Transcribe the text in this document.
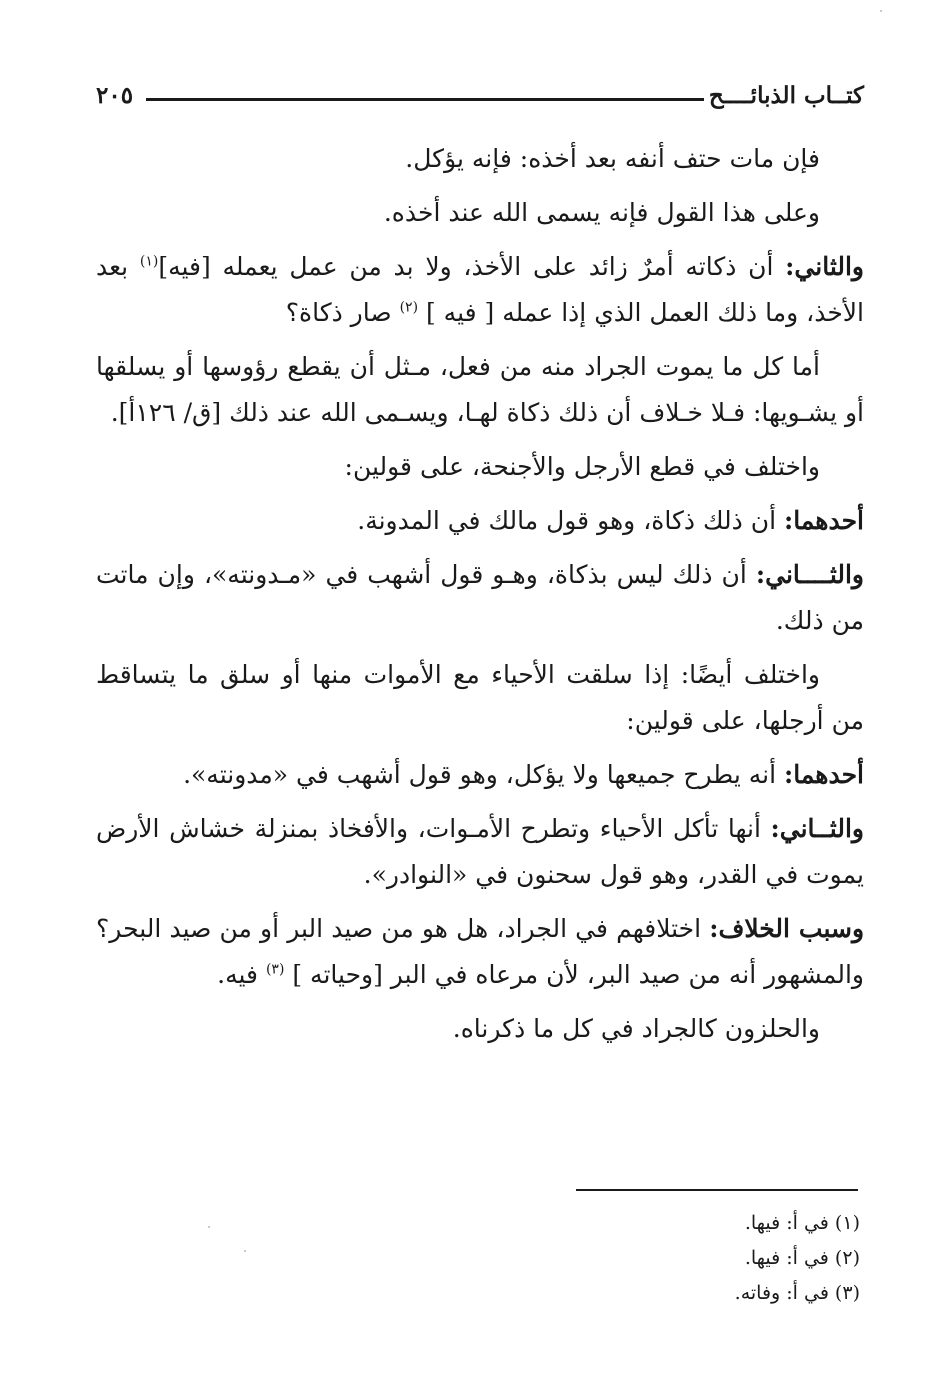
كتــاب الذبائــــح
٢٠٥

فإن مات حتف أنفه بعد أخذه: فإنه يؤكل.

وعلى هذا القول فإنه يسمى الله عند أخذه.

والثاني: أن ذكاته أمرٌ زائد على الأخذ، ولا بد من عمل يعمله [فيه]$^{(١)}$ بعد الأخذ، وما ذلك العمل الذي إذا عمله [ فيه ] $^{(٢)}$ صار ذكاة؟

أما كل ما يموت الجراد منه من فعل، مـثل أن يقطع رؤوسها أو يسلقها أو يشـويها: فـلا خـلاف أن ذلك ذكاة لهـا، ويسـمى الله عند ذلك [ق/ ١٢٦أ].

واختلف في قطع الأرجل والأجنحة، على قولين:

أحدهما: أن ذلك ذكاة، وهو قول مالك في المدونة.

والثــــاني: أن ذلك ليس بذكاة، وهـو قول أشهب في «مـدونته»، وإن ماتت من ذلك.

واختلف أيضًا: إذا سلقت الأحياء مع الأموات منها أو سلق ما يتساقط من أرجلها، على قولين:

أحدهما: أنه يطرح جميعها ولا يؤكل، وهو قول أشهب في «مدونته».

والثــاني: أنها تأكل الأحياء وتطرح الأمـوات، والأفخاذ بمنزلة خشاش الأرض يموت في القدر، وهو قول سحنون في «النوادر».

وسبب الخلاف: اختلافهم في الجراد، هل هو من صيد البر أو من صيد البحر؟ والمشهور أنه من صيد البر، لأن مرعاه في البر [وحياته ] $^{(٣)}$ فيه.

والحلزون كالجراد في كل ما ذكرناه.

(١) في أ: فيها.
(٢) في أ: فيها.
(٣) في أ: وفاته.
